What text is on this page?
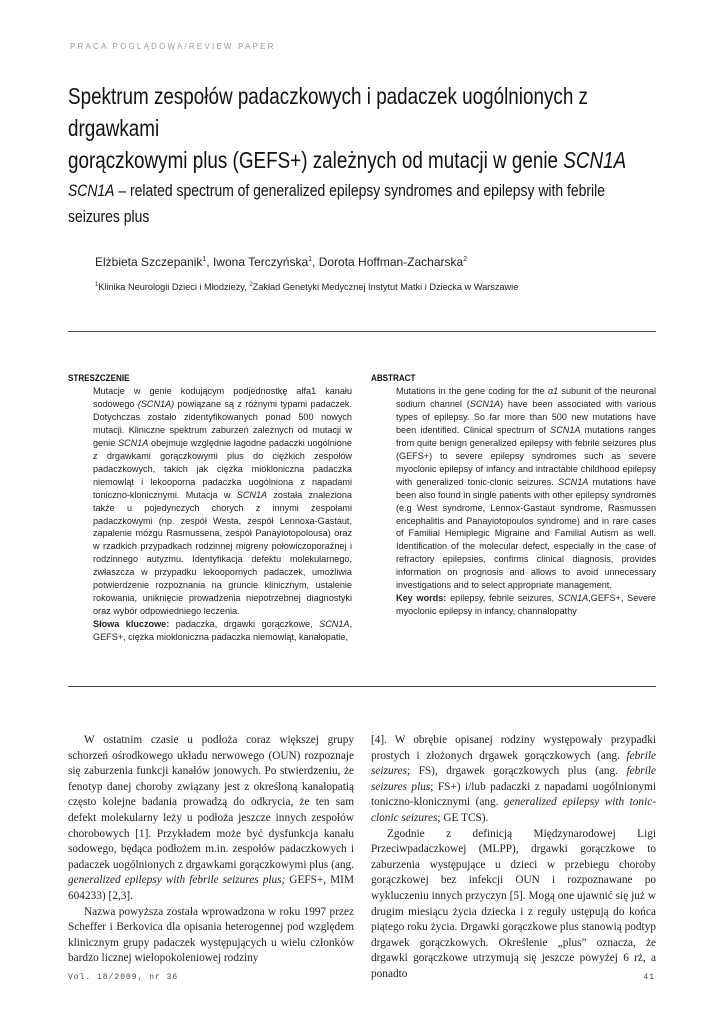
PRACA POGLĄDOWA/REVIEW PAPER
Spektrum zespołów padaczkowych i padaczek uogólnionych z drgawkami
gorączkowymi plus (GEFS+) zależnych od mutacji w genie SCN1A
SCN1A – related spectrum of generalized epilepsy syndromes and epilepsy with febrile
seizures plus
Elżbieta Szczepanik$^1$, Iwona Terczyńska$^1$, Dorota Hoffman-Zacharska$^2$
$^1$Klinika Neurologii Dzieci i Młodzieży, $^2$Zakład Genetyki Medycznej Instytut Matki i Dziecka w Warszawie
STRESZCZENIE

Mutacje w genie kodującym podjednostkę alfa1 kanału sodowego (SCN1A) powiązane są z różnymi typami padaczek. Dotychczas zostało zidentyfikowanych ponad 500 nowych mutacji. Kliniczne spektrum zaburzeń zależnych od mutacji w genie SCN1A obejmuje względnie łagodne padaczki uogólnione z drgawkami gorączkowymi plus do ciężkich zespołów padaczkowych, takich jak ciężka miokloniczna padaczka niemowląt i lekooporna padaczka uogólniona z napadami toniczno-klonicznymi. Mutacja w SCN1A została znaleziona także u pojedynczych chorych z innymi zespołami padaczkowymi (np. zespół Westa, zespół Lennoxa-Gastaut, zapalenie mózgu Rasmussena, zespół Panayiotopolousa) oraz w rzadkich przypadkach rodzinnej migreny połowiczoporaźnej i rodzinnego autyzmu. Identyfikacja defektu molekularnego, zwłaszcza w przypadku lekoopornych padaczek, umożliwia potwierdzenie rozpoznania na gruncie klinicznym, ustalenie rokowania, uniknięcie prowadzenia niepotrzebnej diagnostyki oraz wybór odpowiedniego leczenia.

Słowa kluczowe: padaczka, drgawki gorączkowe, SCN1A, GEFS+, ciężka miokloniczna padaczka niemowląt, kanałopatie,

ABSTRACT

Mutations in the gene coding for the α1 subunit of the neuronal sodium channel (SCN1A) have been associated with various types of epilepsy. So far more than 500 new mutations have been identified. Clinical spectrum of SCN1A mutations ranges from quite benign generalized epilepsy with febrile seizures plus (GEFS+) to severe epilepsy syndromes such as severe myoclonic epilepsy of infancy and intractable childhood epilepsy with generalized tonic-clonic seizures. SCN1A mutations have been also found in single patients with other epilepsy syndromes (e.g West syndrome, Lennox-Gastaut syndrome, Rasmussen encephalitis and Panayiotopoulos syndrome) and in rare cases of Familial Hemiplegic Migraine and Familial Autism as well. Identification of the molecular defect, especially in the case of refractory epilepsies, confirms clinical diagnosis, provides information on prognosis and allows to avoid unnecessary investigations and to select appropriate management.

Key words: epilepsy, febrile seizures, SCN1A,GEFS+, Severe myoclonic epilepsy in infancy, channalopathy

W ostatnim czasie u podłoża coraz większej grupy schorzeń ośrodkowego układu nerwowego (OUN) rozpoznaje się zaburzenia funkcji kanałów jonowych. Po stwierdzeniu, że fenotyp danej choroby związany jest z określoną kanałopatią często kolejne badania prowadzą do odkrycia, że ten sam defekt molekularny leży u podłoża jeszcze innych zespołów chorobowych [1]. Przykładem może być dysfunkcja kanału sodowego, będąca podłożem m.in. zespołów padaczkowych i padaczek uogólnionych z drgawkami gorączkowymi plus (ang. generalized epilepsy with febrile seizures plus; GEFS+, MIM 604233) [2,3].

Nazwa powyższa została wprowadzona w roku 1997 przez Scheffer i Berkovica dla opisania heterogennej pod względem klinicznym grupy padaczek występujących u wielu członków bardzo licznej wielopokoleniowej rodziny

[4]. W obrębie opisanej rodziny występowały przypadki prostych i złożonych drgawek gorączkowych (ang. febrile seizures; FS), drgawek gorączkowych plus (ang. febrile seizures plus; FS+) i/lub padaczki z napadami uogólnionymi toniczno-klonicznymi (ang. generalized epilepsy with tonic-clonic seizures; GE TCS).

Zgodnie z definicją Międzynarodowej Ligi Przeciwpadaczkowej (MLPP), drgawki gorączkowe to zaburzenia występujące u dzieci w przebiegu choroby gorączkowej bez infekcji OUN i rozpoznawane po wykluczeniu innych przyczyn [5]. Mogą one ujawnić się już w drugim miesiącu życia dziecka i z reguły ustępują do końca piątego roku życia. Drgawki gorączkowe plus stanowią podtyp drgawek gorączkowych. Określenie „plus” oznacza, że drgawki gorączkowe utrzymują się jeszcze powyżej 6 rż, a ponadto

Vol. 18/2009, nr 36	41
